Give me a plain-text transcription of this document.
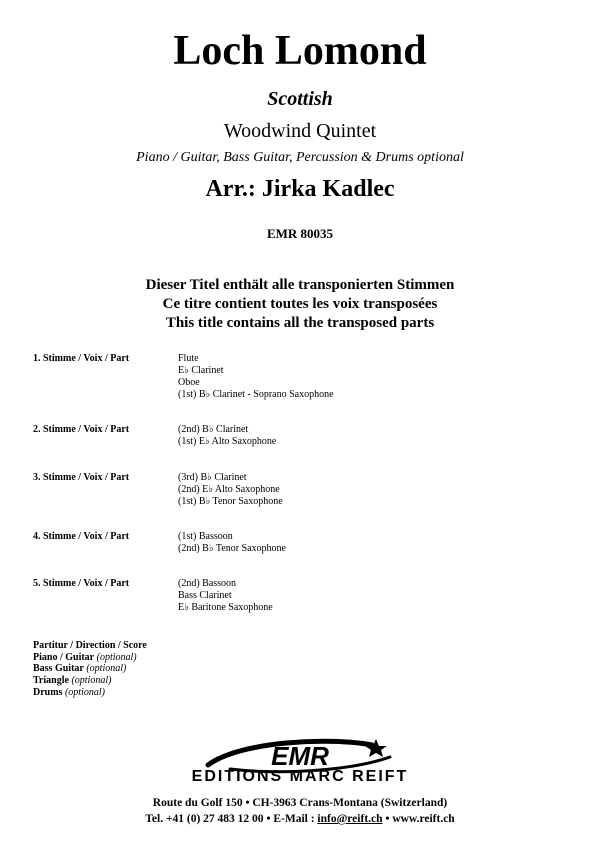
Loch Lomond
Scottish
Woodwind Quintet
Piano / Guitar, Bass Guitar, Percussion & Drums optional
Arr.: Jirka Kadlec
EMR 80035
Dieser Titel enthält alle transponierten Stimmen
Ce titre contient toutes les voix transposées
This title contains all the transposed parts
1. Stimme / Voix / Part	Flute
E♭ Clarinet
Oboe
(1st) B♭ Clarinet - Soprano Saxophone
2. Stimme / Voix / Part	(2nd) B♭ Clarinet
(1st) E♭ Alto Saxophone
3. Stimme / Voix / Part	(3rd) B♭ Clarinet
(2nd) E♭ Alto Saxophone
(1st) B♭ Tenor Saxophone
4. Stimme / Voix / Part	(1st) Bassoon
(2nd) B♭ Tenor Saxophone
5. Stimme / Voix / Part	(2nd) Bassoon
Bass Clarinet
E♭ Baritone Saxophone
Partitur / Direction / Score
Piano / Guitar (optional)
Bass Guitar (optional)
Triangle (optional)
Drums (optional)
EMR
EDITIONS MARC REIFT
Route du Golf 150 • CH-3963 Crans-Montana (Switzerland)
Tel. +41 (0) 27 483 12 00 • E-Mail : info@reift.ch • www.reift.ch
